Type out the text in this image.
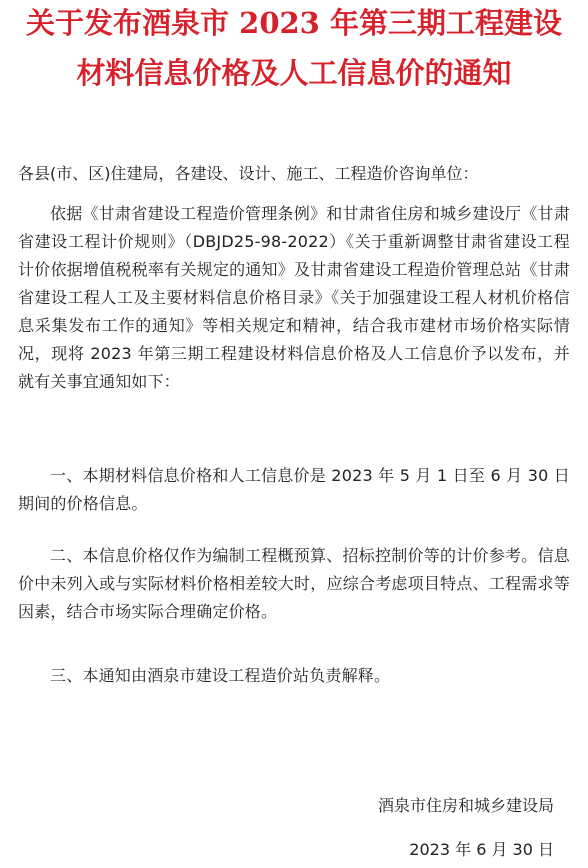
关于发布酒泉市 2023 年第三期工程建设
材料信息价格及人工信息价的通知

各县(市、区)住建局，各建设、设计、施工、工程造价咨询单位：

依据《甘肃省建设工程造价管理条例》和甘肃省住房和城乡建设厅《甘肃省建设工程计价规则》（DBJD25-98-2022）《关于重新调整甘肃省建设工程计价依据增值税税率有关规定的通知》及甘肃省建设工程造价管理总站《甘肃省建设工程人工及主要材料信息价格目录》《关于加强建设工程人材机价格信息采集发布工作的通知》等相关规定和精神，结合我市建材市场价格实际情况，现将 2023 年第三期工程建设材料信息价格及人工信息价予以发布，并就有关事宜通知如下：

一、本期材料信息价格和人工信息价是 2023 年 5 月 1 日至 6 月 30 日期间的价格信息。

二、本信息价格仅作为编制工程概预算、招标控制价等的计价参考。信息价中未列入或与实际材料价格相差较大时，应综合考虑项目特点、工程需求等因素，结合市场实际合理确定价格。

三、本通知由酒泉市建设工程造价站负责解释。

酒泉市住房和城乡建设局

2023 年 6 月 30 日
